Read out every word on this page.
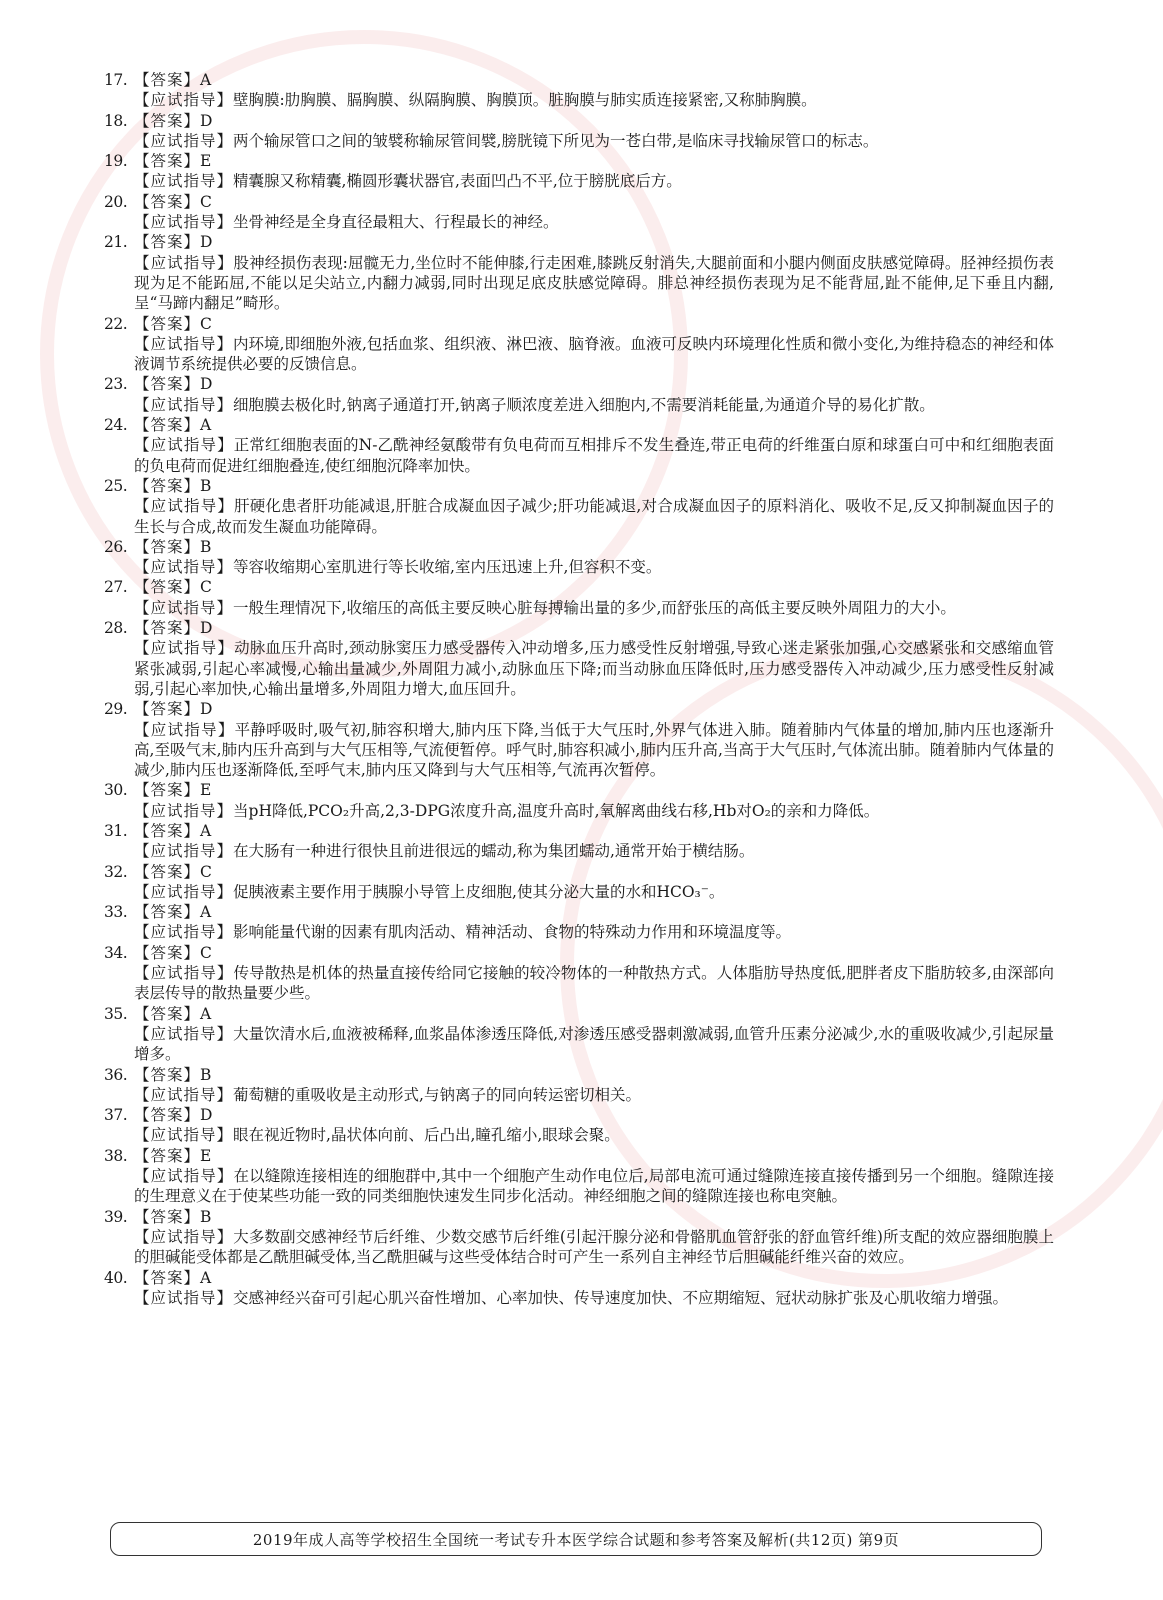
17. 【答案】A
【应试指导】壁胸膜:肋胸膜、膈胸膜、纵隔胸膜、胸膜顶。脏胸膜与肺实质连接紧密,又称肺胸膜。
18. 【答案】D
【应试指导】两个输尿管口之间的皱襞称输尿管间襞,膀胱镜下所见为一苍白带,是临床寻找输尿管口的标志。
19. 【答案】E
【应试指导】精囊腺又称精囊,椭圆形囊状器官,表面凹凸不平,位于膀胱底后方。
20. 【答案】C
【应试指导】坐骨神经是全身直径最粗大、行程最长的神经。
21. 【答案】D
【应试指导】股神经损伤表现:屈髋无力,坐位时不能伸膝,行走困难,膝跳反射消失,大腿前面和小腿内侧面皮肤感觉障碍。胫神经损伤表现为足不能跖屈,不能以足尖站立,内翻力减弱,同时出现足底皮肤感觉障碍。腓总神经损伤表现为足不能背屈,趾不能伸,足下垂且内翻,呈“马蹄内翻足”畸形。
22. 【答案】C
【应试指导】内环境,即细胞外液,包括血浆、组织液、淋巴液、脑脊液。血液可反映内环境理化性质和微小变化,为维持稳态的神经和体液调节系统提供必要的反馈信息。
23. 【答案】D
【应试指导】细胞膜去极化时,钠离子通道打开,钠离子顺浓度差进入细胞内,不需要消耗能量,为通道介导的易化扩散。
24. 【答案】A
【应试指导】正常红细胞表面的N-乙酰神经氨酸带有负电荷而互相排斥不发生叠连,带正电荷的纤维蛋白原和球蛋白可中和红细胞表面的负电荷而促进红细胞叠连,使红细胞沉降率加快。
25. 【答案】B
【应试指导】肝硬化患者肝功能减退,肝脏合成凝血因子减少;肝功能减退,对合成凝血因子的原料消化、吸收不足,反又抑制凝血因子的生长与合成,故而发生凝血功能障碍。
26. 【答案】B
【应试指导】等容收缩期心室肌进行等长收缩,室内压迅速上升,但容积不变。
27. 【答案】C
【应试指导】一般生理情况下,收缩压的高低主要反映心脏每搏输出量的多少,而舒张压的高低主要反映外周阻力的大小。
28. 【答案】D
【应试指导】动脉血压升高时,颈动脉窦压力感受器传入冲动增多,压力感受性反射增强,导致心迷走紧张加强,心交感紧张和交感缩血管紧张减弱,引起心率减慢,心输出量减少,外周阻力减小,动脉血压下降;而当动脉血压降低时,压力感受器传入冲动减少,压力感受性反射减弱,引起心率加快,心输出量增多,外周阻力增大,血压回升。
29. 【答案】D
【应试指导】平静呼吸时,吸气初,肺容积增大,肺内压下降,当低于大气压时,外界气体进入肺。随着肺内气体量的增加,肺内压也逐渐升高,至吸气末,肺内压升高到与大气压相等,气流便暂停。呼气时,肺容积减小,肺内压升高,当高于大气压时,气体流出肺。随着肺内气体量的减少,肺内压也逐渐降低,至呼气末,肺内压又降到与大气压相等,气流再次暂停。
30. 【答案】E
【应试指导】当pH降低,PCO₂升高,2,3-DPG浓度升高,温度升高时,氧解离曲线右移,Hb对O₂的亲和力降低。
31. 【答案】A
【应试指导】在大肠有一种进行很快且前进很远的蠕动,称为集团蠕动,通常开始于横结肠。
32. 【答案】C
【应试指导】促胰液素主要作用于胰腺小导管上皮细胞,使其分泌大量的水和HCO₃⁻。
33. 【答案】A
【应试指导】影响能量代谢的因素有肌肉活动、精神活动、食物的特殊动力作用和环境温度等。
34. 【答案】C
【应试指导】传导散热是机体的热量直接传给同它接触的较冷物体的一种散热方式。人体脂肪导热度低,肥胖者皮下脂肪较多,由深部向表层传导的散热量要少些。
35. 【答案】A
【应试指导】大量饮清水后,血液被稀释,血浆晶体渗透压降低,对渗透压感受器刺激减弱,血管升压素分泌减少,水的重吸收减少,引起尿量增多。
36. 【答案】B
【应试指导】葡萄糖的重吸收是主动形式,与钠离子的同向转运密切相关。
37. 【答案】D
【应试指导】眼在视近物时,晶状体向前、后凸出,瞳孔缩小,眼球会聚。
38. 【答案】E
【应试指导】在以缝隙连接相连的细胞群中,其中一个细胞产生动作电位后,局部电流可通过缝隙连接直接传播到另一个细胞。缝隙连接的生理意义在于使某些功能一致的同类细胞快速发生同步化活动。神经细胞之间的缝隙连接也称电突触。
39. 【答案】B
【应试指导】大多数副交感神经节后纤维、少数交感节后纤维(引起汗腺分泌和骨骼肌血管舒张的舒血管纤维)所支配的效应器细胞膜上的胆碱能受体都是乙酰胆碱受体,当乙酰胆碱与这些受体结合时可产生一系列自主神经节后胆碱能纤维兴奋的效应。
40. 【答案】A
【应试指导】交感神经兴奋可引起心肌兴奋性增加、心率加快、传导速度加快、不应期缩短、冠状动脉扩张及心肌收缩力增强。
2019年成人高等学校招生全国统一考试专升本医学综合试题和参考答案及解析(共12页) 第9页
